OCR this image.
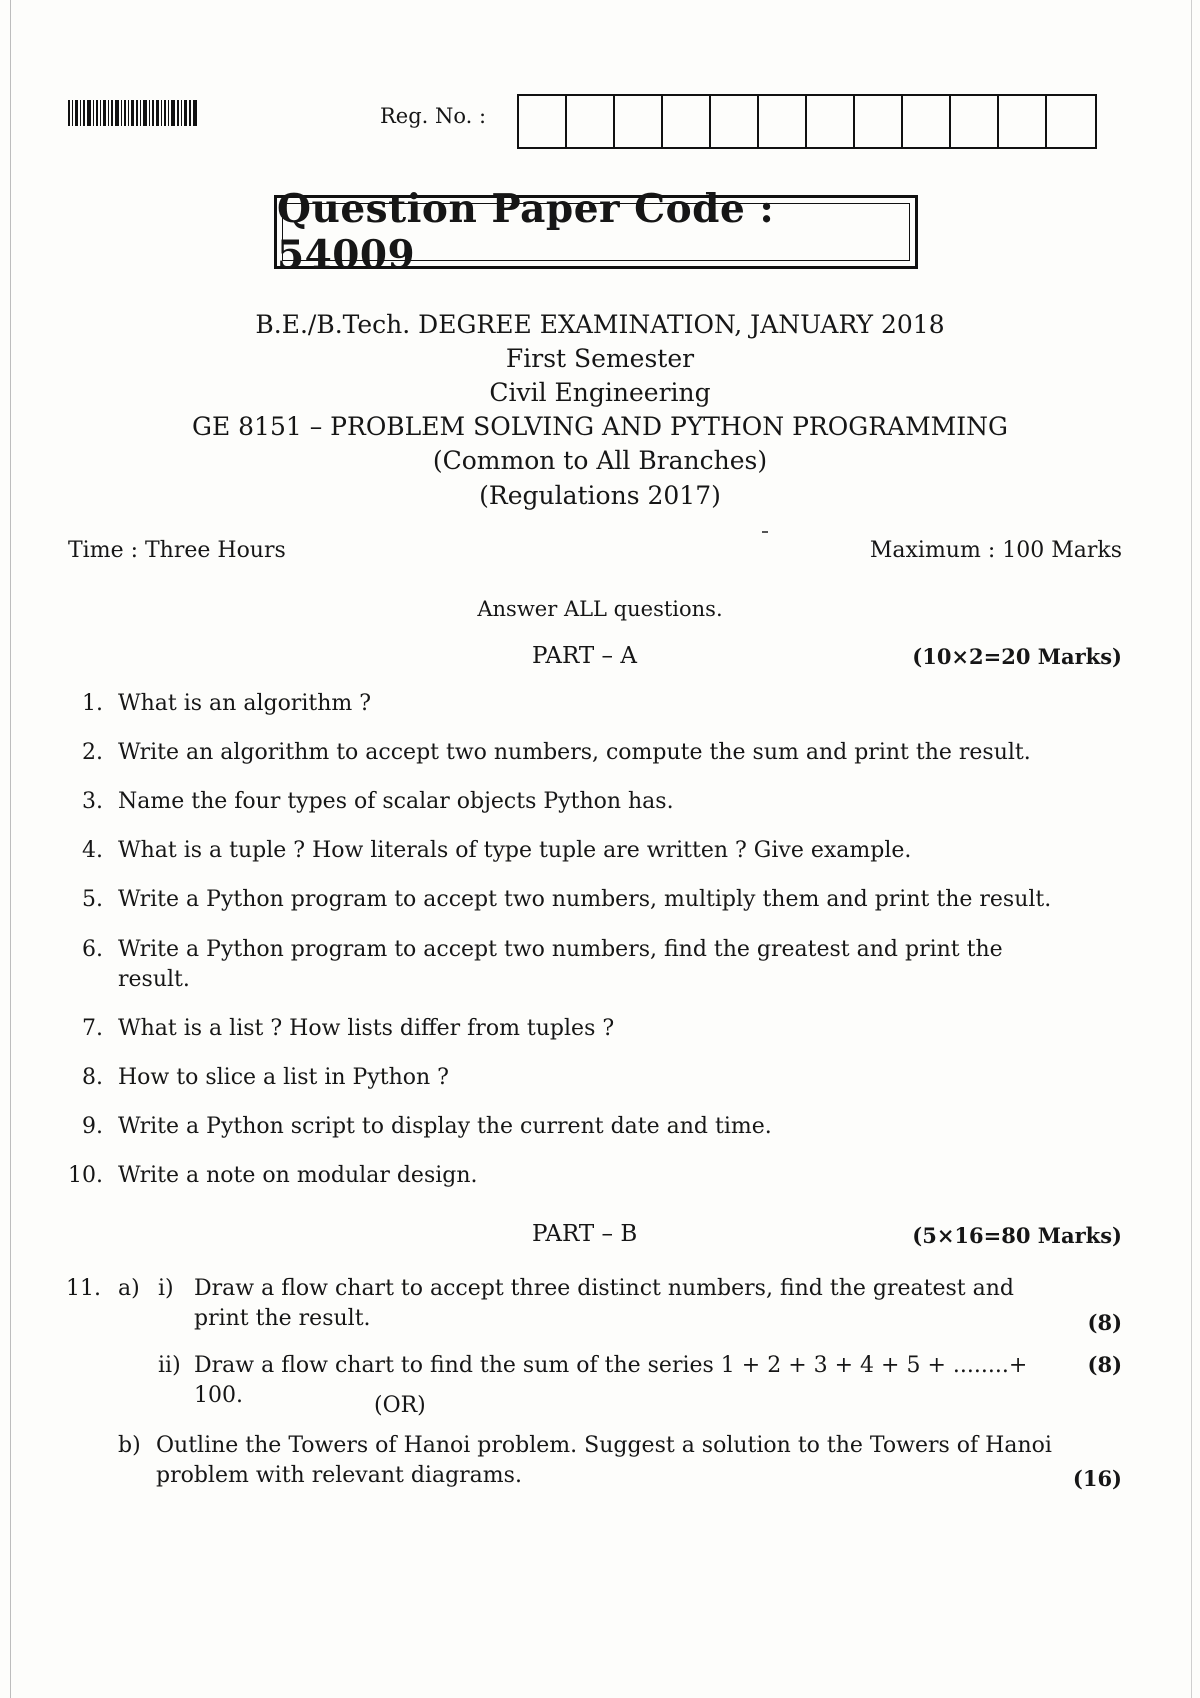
Reg. No. :
Question Paper Code : 54009
B.E./B.Tech. DEGREE EXAMINATION, JANUARY 2018
First Semester
Civil Engineering
GE 8151 – PROBLEM SOLVING AND PYTHON PROGRAMMING
(Common to All Branches)
(Regulations 2017)
Time : Three Hours	Maximum : 100 Marks
Answer ALL questions.
PART – A	(10×2=20 Marks)
1. What is an algorithm ?
2. Write an algorithm to accept two numbers, compute the sum and print the result.
3. Name the four types of scalar objects Python has.
4. What is a tuple ? How literals of type tuple are written ? Give example.
5. Write a Python program to accept two numbers, multiply them and print the result.
6. Write a Python program to accept two numbers, find the greatest and print the result.
7. What is a list ? How lists differ from tuples ?
8. How to slice a list in Python ?
9. Write a Python script to display the current date and time.
10. Write a note on modular design.
PART – B	(5×16=80 Marks)
11. a) i) Draw a flow chart to accept three distinct numbers, find the greatest and print the result.	(8)
ii) Draw a flow chart to find the sum of the series 1 + 2 + 3 + 4 + 5 + ........+ 100.
(8)
(OR)
b) Outline the Towers of Hanoi problem. Suggest a solution to the Towers of Hanoi problem with relevant diagrams.	(16)
